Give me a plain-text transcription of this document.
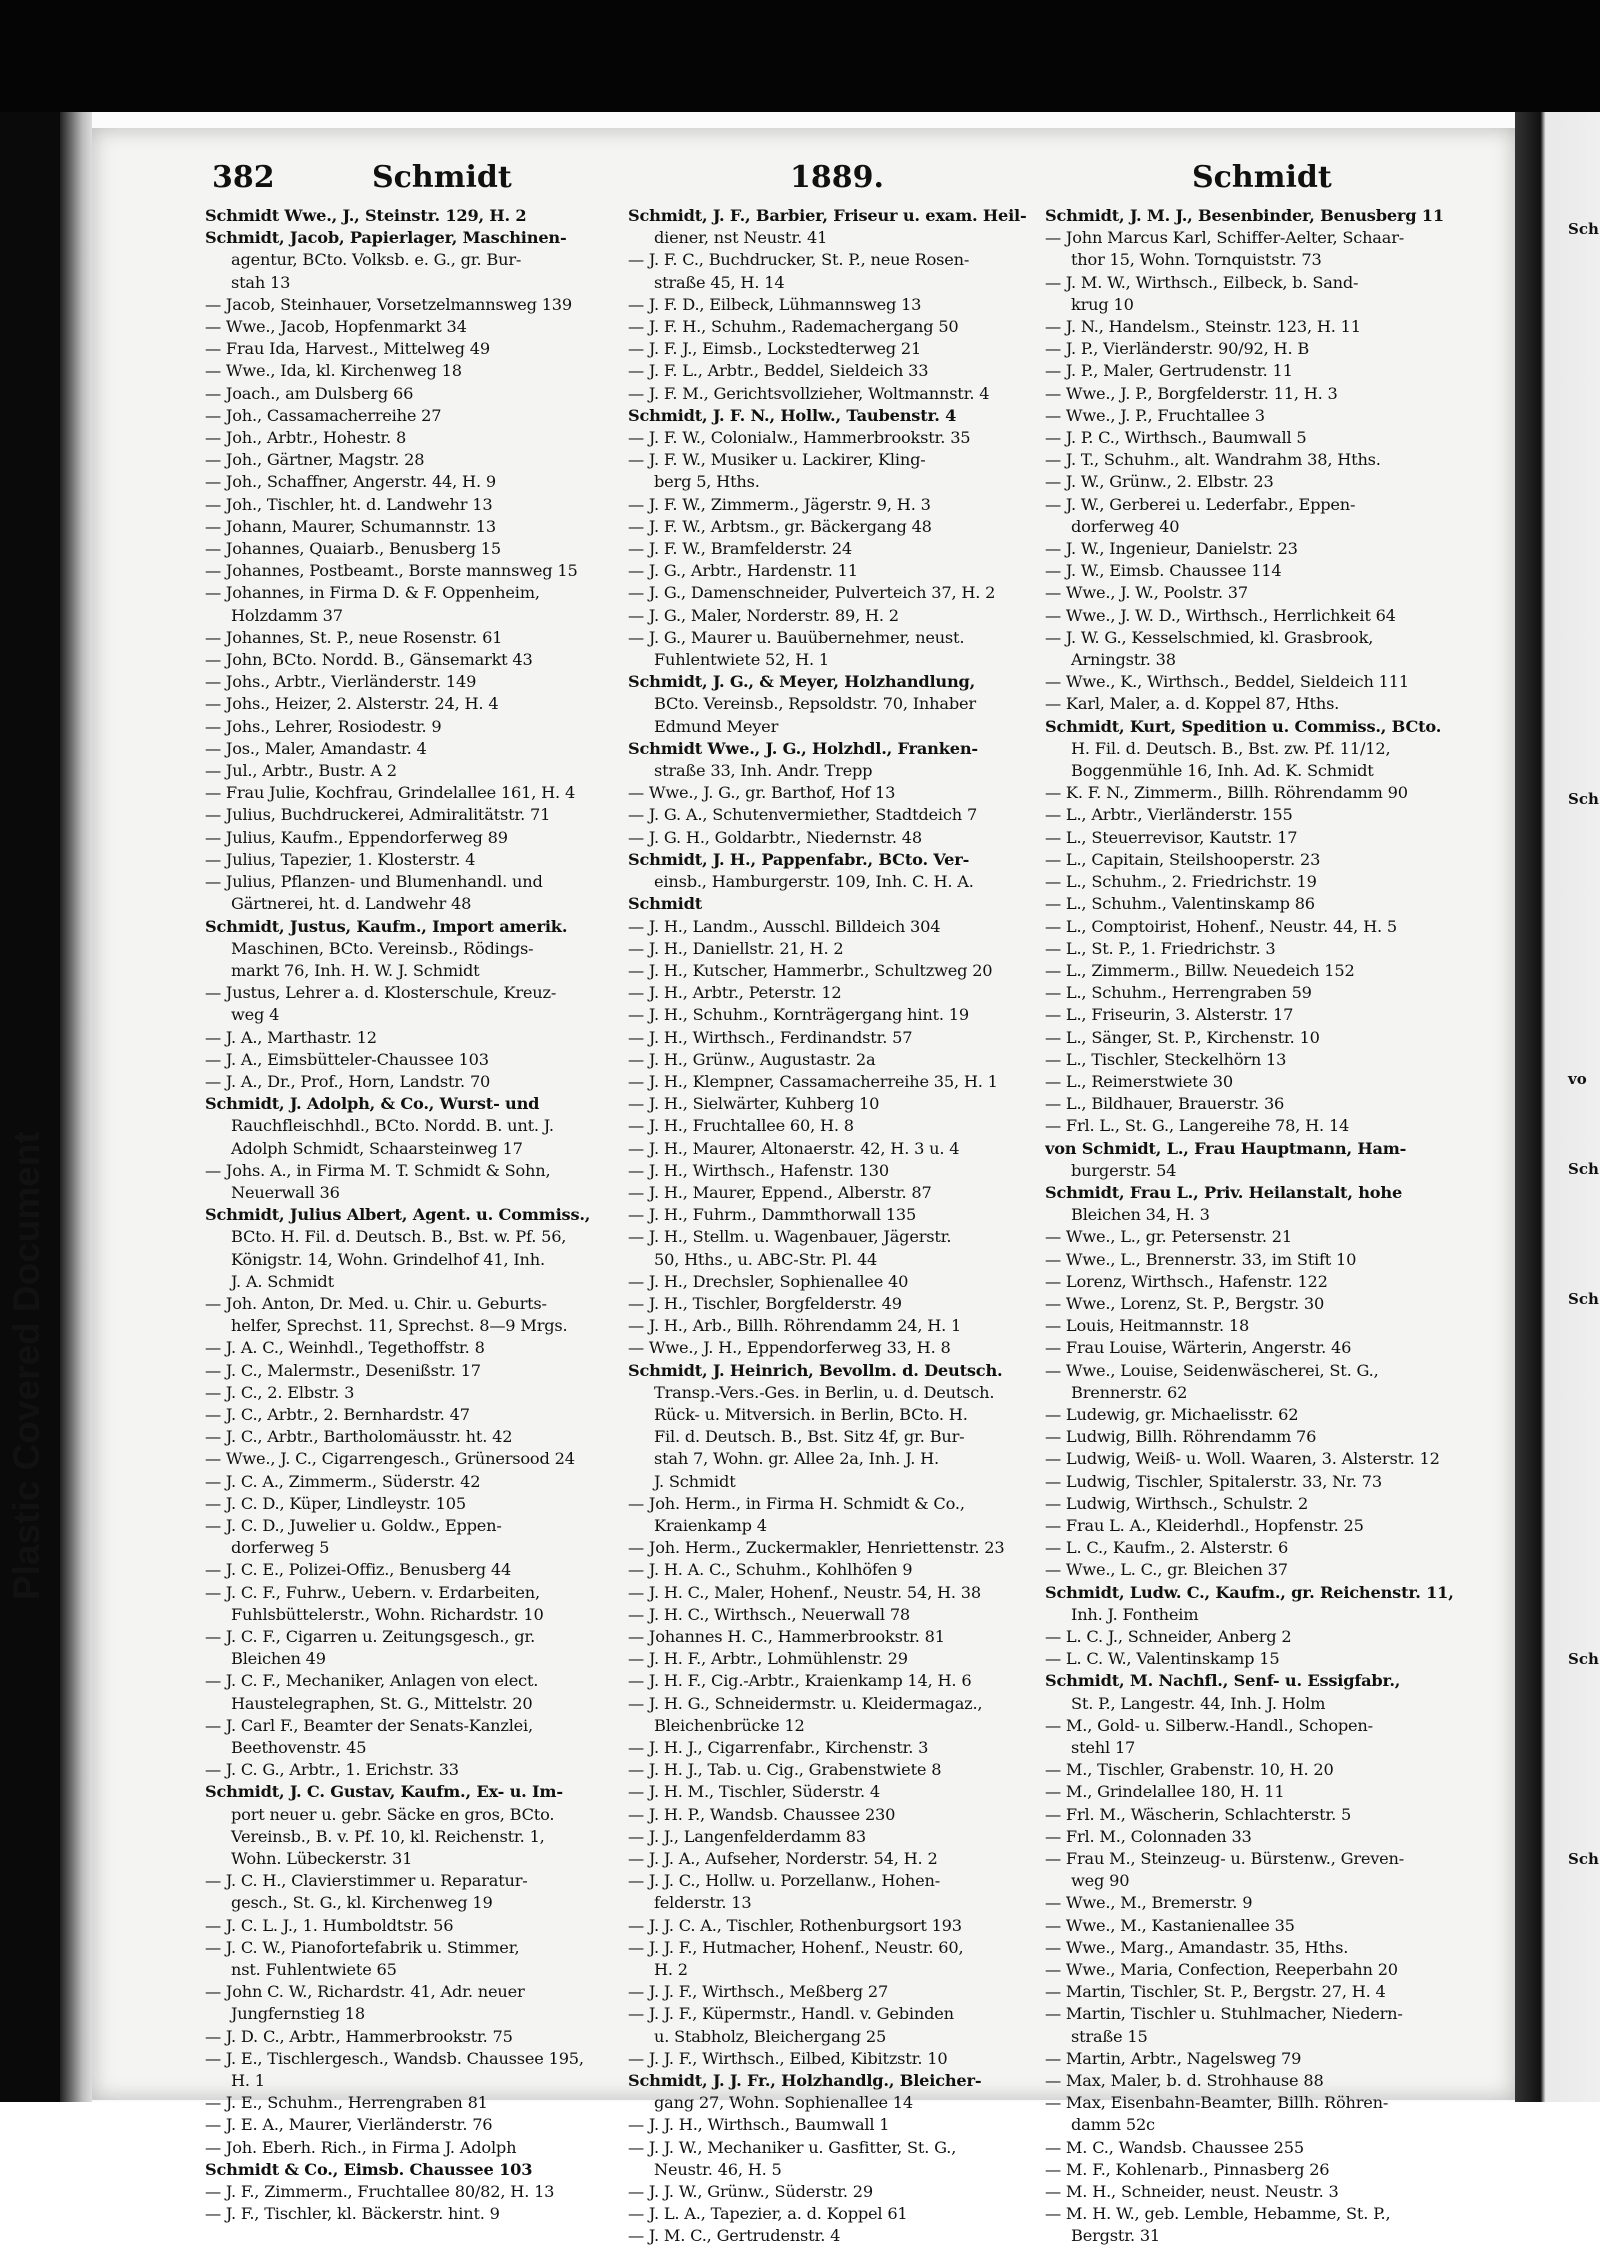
Plastic Covered Document
382	Schmidt	1889.	Schmidt
Schmidt Wwe., J., Steinstr. 129, H. 2
Schmidt, Jacob, Papierlager, Maschinen-
agentur, BCto. Volksb. e. G., gr. Bur-
stah 13
— Jacob, Steinhauer, Vorsetzelmannsweg 139
— Wwe., Jacob, Hopfenmarkt 34
— Frau Ida, Harvest., Mittelweg 49
— Wwe., Ida, kl. Kirchenweg 18
— Joach., am Dulsberg 66
— Joh., Cassamacherreihe 27
— Joh., Arbtr., Hohestr. 8
— Joh., Gärtner, Magstr. 28
— Joh., Schaffner, Angerstr. 44, H. 9
— Joh., Tischler, ht. d. Landwehr 13
— Johann, Maurer, Schumannstr. 13
— Johannes, Quaiarb., Benusberg 15
— Johannes, Postbeamt., Borste mannsweg 15
— Johannes, in Firma D. & F. Oppenheim,
Holzdamm 37
— Johannes, St. P., neue Rosenstr. 61
— John, BCto. Nordd. B., Gänsemarkt 43
— Johs., Arbtr., Vierländerstr. 149
— Johs., Heizer, 2. Alsterstr. 24, H. 4
— Johs., Lehrer, Rosiodestr. 9
— Jos., Maler, Amandastr. 4
— Jul., Arbtr., Bustr. A 2
— Frau Julie, Kochfrau, Grindelallee 161, H. 4
— Julius, Buchdruckerei, Admiralitätstr. 71
— Julius, Kaufm., Eppendorferweg 89
— Julius, Tapezier, 1. Klosterstr. 4
— Julius, Pflanzen- und Blumenhandl. und
Gärtnerei, ht. d. Landwehr 48
Schmidt, Justus, Kaufm., Import amerik.
Maschinen, BCto. Vereinsb., Rödings-
markt 76, Inh. H. W. J. Schmidt
— Justus, Lehrer a. d. Klosterschule, Kreuz-
weg 4
— J. A., Marthastr. 12
— J. A., Eimsbütteler-Chaussee 103
— J. A., Dr., Prof., Horn, Landstr. 70
Schmidt, J. Adolph, & Co., Wurst- und
Rauchfleischhdl., BCto. Nordd. B. unt. J.
Adolph Schmidt, Schaarsteinweg 17
— Johs. A., in Firma M. T. Schmidt & Sohn,
Neuerwall 36
Schmidt, Julius Albert, Agent. u. Commiss.,
BCto. H. Fil. d. Deutsch. B., Bst. w. Pf. 56,
Königstr. 14, Wohn. Grindelhof 41, Inh.
J. A. Schmidt
— Joh. Anton, Dr. Med. u. Chir. u. Geburts-
helfer, Sprechst. 11, Sprechst. 8—9 Mrgs.
— J. A. C., Weinhdl., Tegethoffstr. 8
— J. C., Malermstr., Desenißstr. 17
— J. C., 2. Elbstr. 3
— J. C., Arbtr., 2. Bernhardstr. 47
— J. C., Arbtr., Bartholomäusstr. ht. 42
— Wwe., J. C., Cigarrengesch., Grünersood 24
— J. C. A., Zimmerm., Süderstr. 42
— J. C. D., Küper, Lindleystr. 105
— J. C. D., Juwelier u. Goldw., Eppen-
dorferweg 5
— J. C. E., Polizei-Offiz., Benusberg 44
— J. C. F., Fuhrw., Uebern. v. Erdarbeiten,
Fuhlsbüttelerstr., Wohn. Richardstr. 10
— J. C. F., Cigarren u. Zeitungsgesch., gr.
Bleichen 49
— J. C. F., Mechaniker, Anlagen von elect.
Haustelegraphen, St. G., Mittelstr. 20
— J. Carl F., Beamter der Senats-Kanzlei,
Beethovenstr. 45
— J. C. G., Arbtr., 1. Erichstr. 33
Schmidt, J. C. Gustav, Kaufm., Ex- u. Im-
port neuer u. gebr. Säcke en gros, BCto.
Vereinsb., B. v. Pf. 10, kl. Reichenstr. 1,
Wohn. Lübeckerstr. 31
— J. C. H., Clavierstimmer u. Reparatur-
gesch., St. G., kl. Kirchenweg 19
— J. C. L. J., 1. Humboldtstr. 56
— J. C. W., Pianofortefabrik u. Stimmer,
nst. Fuhlentwiete 65
— John C. W., Richardstr. 41, Adr. neuer
Jungfernstieg 18
— J. D. C., Arbtr., Hammerbrookstr. 75
— J. E., Tischlergesch., Wandsb. Chaussee 195,
H. 1
— J. E., Schuhm., Herrengraben 81
— J. E. A., Maurer, Vierländerstr. 76
— Joh. Eberh. Rich., in Firma J. Adolph
Schmidt & Co., Eimsb. Chaussee 103
— J. F., Zimmerm., Fruchtallee 80/82, H. 13
— J. F., Tischler, kl. Bäckerstr. hint. 9
Schmidt, J. F., Barbier, Friseur u. exam. Heil-
diener, nst Neustr. 41
— J. F. C., Buchdrucker, St. P., neue Rosen-
straße 45, H. 14
— J. F. D., Eilbeck, Lühmannsweg 13
— J. F. H., Schuhm., Rademachergang 50
— J. F. J., Eimsb., Lockstedterweg 21
— J. F. L., Arbtr., Beddel, Sieldeich 33
— J. F. M., Gerichtsvollzieher, Woltmannstr. 4
Schmidt, J. F. N., Hollw., Taubenstr. 4
— J. F. W., Colonialw., Hammerbrookstr. 35
— J. F. W., Musiker u. Lackirer, Kling-
berg 5, Hths.
— J. F. W., Zimmerm., Jägerstr. 9, H. 3
— J. F. W., Arbtsm., gr. Bäckergang 48
— J. F. W., Bramfelderstr. 24
— J. G., Arbtr., Hardenstr. 11
— J. G., Damenschneider, Pulverteich 37, H. 2
— J. G., Maler, Norderstr. 89, H. 2
— J. G., Maurer u. Bauübernehmer, neust.
Fuhlentwiete 52, H. 1
Schmidt, J. G., & Meyer, Holzhandlung,
BCto. Vereinsb., Repsoldstr. 70, Inhaber
Edmund Meyer
Schmidt Wwe., J. G., Holzhdl., Franken-
straße 33, Inh. Andr. Trepp
— Wwe., J. G., gr. Barthof, Hof 13
— J. G. A., Schutenvermiether, Stadtdeich 7
— J. G. H., Goldarbtr., Niedernstr. 48
Schmidt, J. H., Pappenfabr., BCto. Ver-
einsb., Hamburgerstr. 109, Inh. C. H. A.
Schmidt
— J. H., Landm., Ausschl. Billdeich 304
— J. H., Daniellstr. 21, H. 2
— J. H., Kutscher, Hammerbr., Schultzweg 20
— J. H., Arbtr., Peterstr. 12
— J. H., Schuhm., Kornträgergang hint. 19
— J. H., Wirthsch., Ferdinandstr. 57
— J. H., Grünw., Augustastr. 2a
— J. H., Klempner, Cassamacherreihe 35, H. 1
— J. H., Sielwärter, Kuhberg 10
— J. H., Fruchtallee 60, H. 8
— J. H., Maurer, Altonaerstr. 42, H. 3 u. 4
— J. H., Wirthsch., Hafenstr. 130
— J. H., Maurer, Eppend., Alberstr. 87
— J. H., Fuhrm., Dammthorwall 135
— J. H., Stellm. u. Wagenbauer, Jägerstr.
50, Hths., u. ABC-Str. Pl. 44
— J. H., Drechsler, Sophienallee 40
— J. H., Tischler, Borgfelderstr. 49
— J. H., Arb., Billh. Röhrendamm 24, H. 1
— Wwe., J. H., Eppendorferweg 33, H. 8
Schmidt, J. Heinrich, Bevollm. d. Deutsch.
Transp.-Vers.-Ges. in Berlin, u. d. Deutsch.
Rück- u. Mitversich. in Berlin, BCto. H.
Fil. d. Deutsch. B., Bst. Sitz 4f, gr. Bur-
stah 7, Wohn. gr. Allee 2a, Inh. J. H.
J. Schmidt
— Joh. Herm., in Firma H. Schmidt & Co.,
Kraienkamp 4
— Joh. Herm., Zuckermakler, Henriettenstr. 23
— J. H. A. C., Schuhm., Kohlhöfen 9
— J. H. C., Maler, Hohenf., Neustr. 54, H. 38
— J. H. C., Wirthsch., Neuerwall 78
— Johannes H. C., Hammerbrookstr. 81
— J. H. F., Arbtr., Lohmühlenstr. 29
— J. H. F., Cig.-Arbtr., Kraienkamp 14, H. 6
— J. H. G., Schneidermstr. u. Kleidermagaz.,
Bleichenbrücke 12
— J. H. J., Cigarrenfabr., Kirchenstr. 3
— J. H. J., Tab. u. Cig., Grabenstwiete 8
— J. H. M., Tischler, Süderstr. 4
— J. H. P., Wandsb. Chaussee 230
— J. J., Langenfelderdamm 83
— J. J. A., Aufseher, Norderstr. 54, H. 2
— J. J. C., Hollw. u. Porzellanw., Hohen-
felderstr. 13
— J. J. C. A., Tischler, Rothenburgsort 193
— J. J. F., Hutmacher, Hohenf., Neustr. 60,
H. 2
— J. J. F., Wirthsch., Meßberg 27
— J. J. F., Küpermstr., Handl. v. Gebinden
u. Stabholz, Bleichergang 25
— J. J. F., Wirthsch., Eilbed, Kibitzstr. 10
Schmidt, J. J. Fr., Holzhandlg., Bleicher-
gang 27, Wohn. Sophienallee 14
— J. J. H., Wirthsch., Baumwall 1
— J. J. W., Mechaniker u. Gasfitter, St. G.,
Neustr. 46, H. 5
— J. J. W., Grünw., Süderstr. 29
— J. L. A., Tapezier, a. d. Koppel 61
— J. M. C., Gertrudenstr. 4
Schmidt, J. M. J., Besenbinder, Benusberg 11
— John Marcus Karl, Schiffer-Aelter, Schaar-
thor 15, Wohn. Tornquiststr. 73
— J. M. W., Wirthsch., Eilbeck, b. Sand-
krug 10
— J. N., Handelsm., Steinstr. 123, H. 11
— J. P., Vierländerstr. 90/92, H. B
— J. P., Maler, Gertrudenstr. 11
— Wwe., J. P., Borgfelderstr. 11, H. 3
— Wwe., J. P., Fruchtallee 3
— J. P. C., Wirthsch., Baumwall 5
— J. T., Schuhm., alt. Wandrahm 38, Hths.
— J. W., Grünw., 2. Elbstr. 23
— J. W., Gerberei u. Lederfabr., Eppen-
dorferweg 40
— J. W., Ingenieur, Danielstr. 23
— J. W., Eimsb. Chaussee 114
— Wwe., J. W., Poolstr. 37
— Wwe., J. W. D., Wirthsch., Herrlichkeit 64
— J. W. G., Kesselschmied, kl. Grasbrook,
Arningstr. 38
— Wwe., K., Wirthsch., Beddel, Sieldeich 111
— Karl, Maler, a. d. Koppel 87, Hths.
Schmidt, Kurt, Spedition u. Commiss., BCto.
H. Fil. d. Deutsch. B., Bst. zw. Pf. 11/12,
Boggenmühle 16, Inh. Ad. K. Schmidt
— K. F. N., Zimmerm., Billh. Röhrendamm 90
— L., Arbtr., Vierländerstr. 155
— L., Steuerrevisor, Kautstr. 17
— L., Capitain, Steilshooperstr. 23
— L., Schuhm., 2. Friedrichstr. 19
— L., Schuhm., Valentinskamp 86
— L., Comptoirist, Hohenf., Neustr. 44, H. 5
— L., St. P., 1. Friedrichstr. 3
— L., Zimmerm., Billw. Neuedeich 152
— L., Schuhm., Herrengraben 59
— L., Friseurin, 3. Alsterstr. 17
— L., Sänger, St. P., Kirchenstr. 10
— L., Tischler, Steckelhörn 13
— L., Reimerstwiete 30
— L., Bildhauer, Brauerstr. 36
— Frl. L., St. G., Langereihe 78, H. 14
von Schmidt, L., Frau Hauptmann, Ham-
burgerstr. 54
Schmidt, Frau L., Priv. Heilanstalt, hohe
Bleichen 34, H. 3
— Wwe., L., gr. Petersenstr. 21
— Wwe., L., Brennerstr. 33, im Stift 10
— Lorenz, Wirthsch., Hafenstr. 122
— Wwe., Lorenz, St. P., Bergstr. 30
— Louis, Heitmannstr. 18
— Frau Louise, Wärterin, Angerstr. 46
— Wwe., Louise, Seidenwäscherei, St. G.,
Brennerstr. 62
— Ludewig, gr. Michaelisstr. 62
— Ludwig, Billh. Röhrendamm 76
— Ludwig, Weiß- u. Woll. Waaren, 3. Alsterstr. 12
— Ludwig, Tischler, Spitalerstr. 33, Nr. 73
— Ludwig, Wirthsch., Schulstr. 2
— Frau L. A., Kleiderhdl., Hopfenstr. 25
— L. C., Kaufm., 2. Alsterstr. 6
— Wwe., L. C., gr. Bleichen 37
Schmidt, Ludw. C., Kaufm., gr. Reichenstr. 11,
Inh. J. Fontheim
— L. C. J., Schneider, Anberg 2
— L. C. W., Valentinskamp 15
Schmidt, M. Nachfl., Senf- u. Essigfabr.,
St. P., Langestr. 44, Inh. J. Holm
— M., Gold- u. Silberw.-Handl., Schopen-
stehl 17
— M., Tischler, Grabenstr. 10, H. 20
— M., Grindelallee 180, H. 11
— Frl. M., Wäscherin, Schlachterstr. 5
— Frl. M., Colonnaden 33
— Frau M., Steinzeug- u. Bürstenw., Greven-
weg 90
— Wwe., M., Bremerstr. 9
— Wwe., M., Kastanienallee 35
— Wwe., Marg., Amandastr. 35, Hths.
— Wwe., Maria, Confection, Reeperbahn 20
— Martin, Tischler, St. P., Bergstr. 27, H. 4
— Martin, Tischler u. Stuhlmacher, Niedern-
straße 15
— Martin, Arbtr., Nagelsweg 79
— Max, Maler, b. d. Strohhause 88
— Max, Eisenbahn-Beamter, Billh. Röhren-
damm 52c
— M. C., Wandsb. Chaussee 255
— M. F., Kohlenarb., Pinnasberg 26
— M. H., Schneider, neust. Neustr. 3
— M. H. W., geb. Lemble, Hebamme, St. P.,
Bergstr. 31
Sch
Sch
vo
Sch
Sch
Sch
Sch
